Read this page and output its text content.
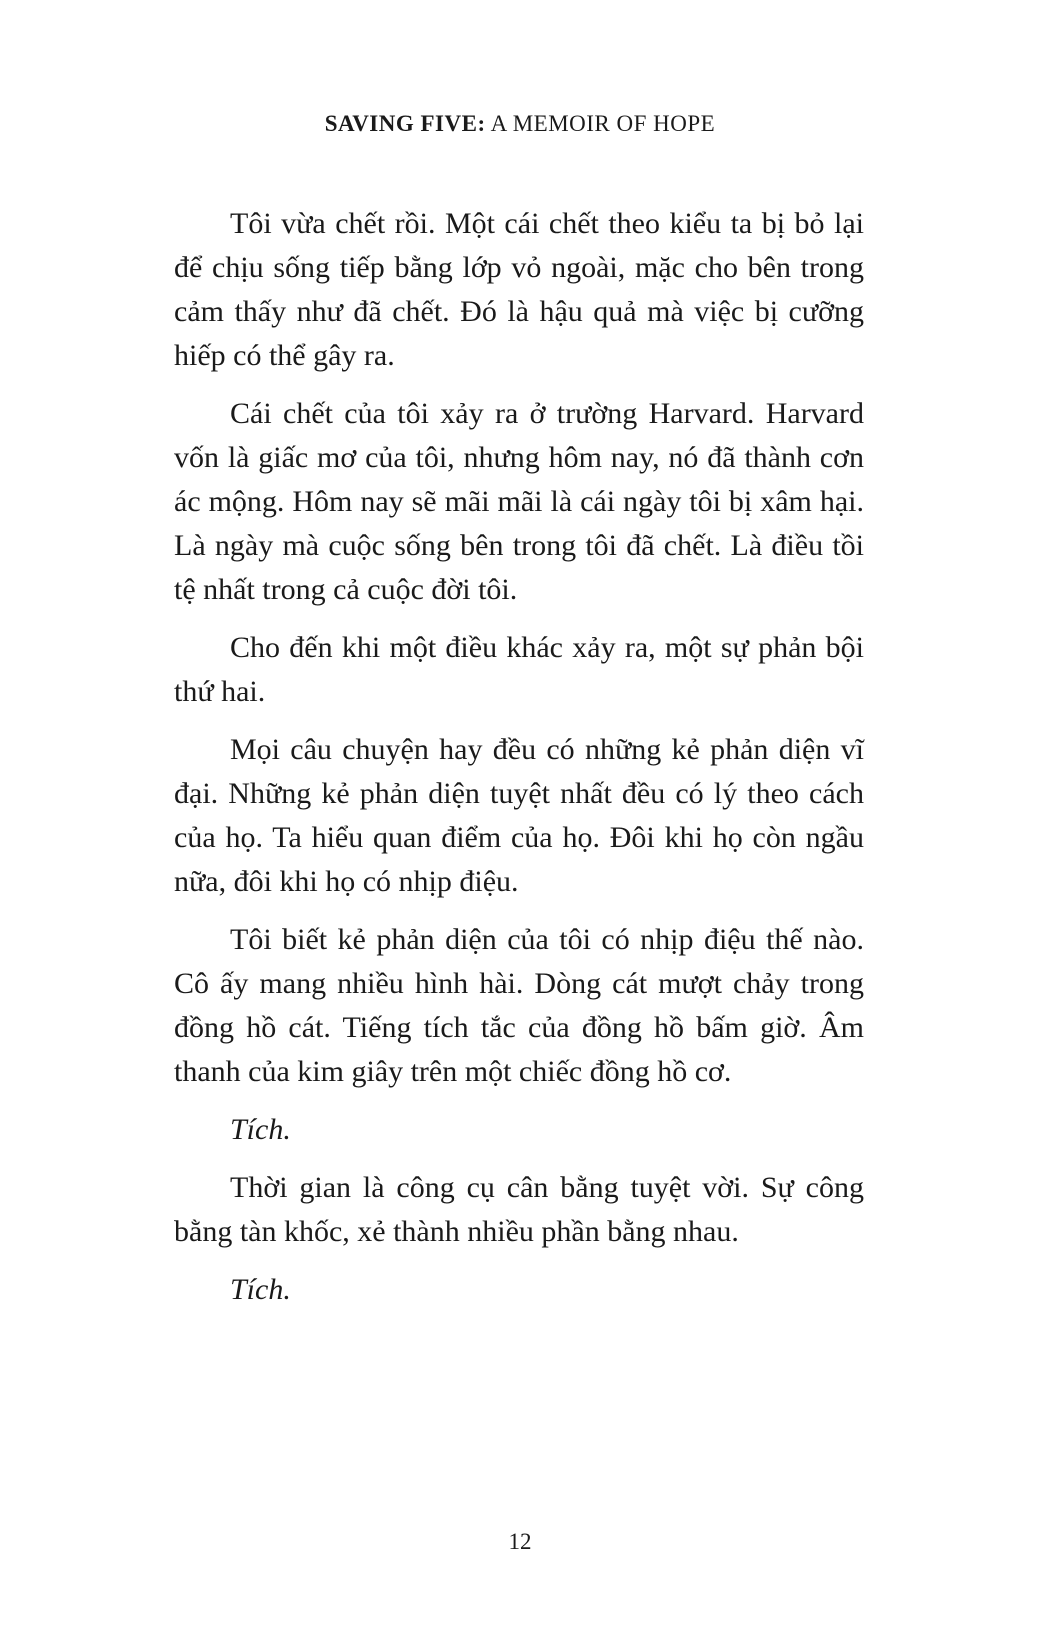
SAVING FIVE: A MEMOIR OF HOPE

Tôi vừa chết rồi. Một cái chết theo kiểu ta bị bỏ lại để chịu sống tiếp bằng lớp vỏ ngoài, mặc cho bên trong cảm thấy như đã chết. Đó là hậu quả mà việc bị cưỡng hiếp có thể gây ra.

Cái chết của tôi xảy ra ở trường Harvard. Harvard vốn là giấc mơ của tôi, nhưng hôm nay, nó đã thành cơn ác mộng. Hôm nay sẽ mãi mãi là cái ngày tôi bị xâm hại. Là ngày mà cuộc sống bên trong tôi đã chết. Là điều tồi tệ nhất trong cả cuộc đời tôi.

Cho đến khi một điều khác xảy ra, một sự phản bội thứ hai.

Mọi câu chuyện hay đều có những kẻ phản diện vĩ đại. Những kẻ phản diện tuyệt nhất đều có lý theo cách của họ. Ta hiểu quan điểm của họ. Đôi khi họ còn ngầu nữa, đôi khi họ có nhịp điệu.

Tôi biết kẻ phản diện của tôi có nhịp điệu thế nào. Cô ấy mang nhiều hình hài. Dòng cát mượt chảy trong đồng hồ cát. Tiếng tích tắc của đồng hồ bấm giờ. Âm thanh của kim giây trên một chiếc đồng hồ cơ.

Tích.

Thời gian là công cụ cân bằng tuyệt vời. Sự công bằng tàn khốc, xẻ thành nhiều phần bằng nhau.

Tích.

12
